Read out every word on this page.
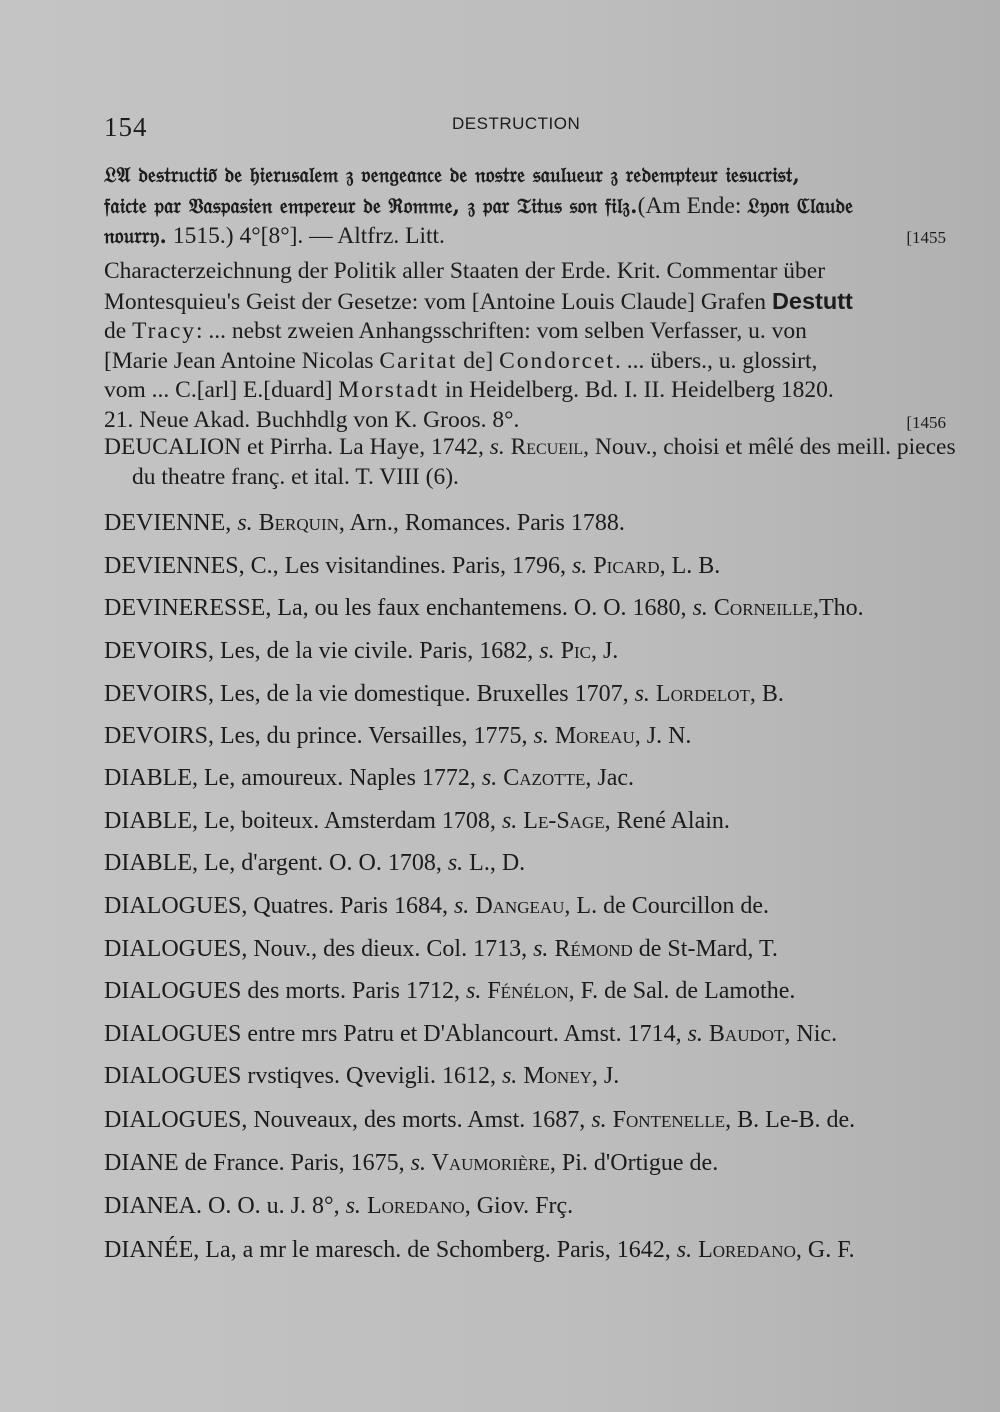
154	DESTRUCTION
𝔏𝔄 𝔡𝔢𝔰𝔱𝔯𝔲𝔠𝔱𝔦𝔬̃ 𝔡𝔢 𝔥𝔦𝔢𝔯𝔲𝔰𝔞𝔩𝔢𝔪 𝔷 𝔳𝔢𝔫𝔤𝔢𝔞𝔫𝔠𝔢 𝔡𝔢 𝔫𝔬𝔰𝔱𝔯𝔢 𝔰𝔞𝔲𝔩𝔲𝔢𝔲𝔯 𝔷 𝔯𝔢𝔡𝔢𝔪𝔭𝔱𝔢𝔲𝔯 𝔦𝔢𝔰𝔲𝔠𝔯𝔦𝔰𝔱,
𝔣𝔞𝔦𝔠𝔱𝔢 𝔭𝔞𝔯 𝔙𝔞𝔰𝔭𝔞𝔰𝔦𝔢𝔫 𝔢𝔪𝔭𝔢𝔯𝔢𝔲𝔯 𝔡𝔢 ℜ𝔬𝔪𝔪𝔢, 𝔷 𝔭𝔞𝔯 𝔗𝔦𝔱𝔲𝔰 𝔰𝔬𝔫 𝔣𝔦𝔩𝔷.(Am Ende: 𝔏𝔶𝔬𝔫 ℭ𝔩𝔞𝔲𝔡𝔢
𝔫𝔬𝔲𝔯𝔯𝔶. 1515.) 4°[8°]. — Altfrz. Litt.	[1455
Characterzeichnung der Politik aller Staaten der Erde. Krit. Commentar über
Montesquieu's Geist der Gesetze: vom [Antoine Louis Claude] Grafen Destutt
de Tracy: ... nebst zweien Anhangsschriften: vom selben Verfasser, u. von
[Marie Jean Antoine Nicolas Caritat de] Condorcet. ... übers., u. glossirt,
vom ... C.[arl] E.[duard] Morstadt in Heidelberg. Bd. I. II. Heidelberg 1820.
21. Neue Akad. Buchhdlg von K. Groos. 8°.	[1456
DEUCALION et Pirrha. La Haye, 1742, s. Recueil, Nouv., choisi et mêlé des meill. pieces du theatre franç. et ital. T. VIII (6).
DEVIENNE, s. Berquin, Arn., Romances. Paris 1788.
DEVIENNES, C., Les visitandines. Paris, 1796, s. Picard, L. B.
DEVINERESSE, La, ou les faux enchantemens. O. O. 1680, s. Corneille,Tho.
DEVOIRS, Les, de la vie civile. Paris, 1682, s. Pic, J.
DEVOIRS, Les, de la vie domestique. Bruxelles 1707, s. Lordelot, B.
DEVOIRS, Les, du prince. Versailles, 1775, s. Moreau, J. N.
DIABLE, Le, amoureux. Naples 1772, s. Cazotte, Jac.
DIABLE, Le, boiteux. Amsterdam 1708, s. Le-Sage, René Alain.
DIABLE, Le, d'argent. O. O. 1708, s. L., D.
DIALOGUES, Quatres. Paris 1684, s. Dangeau, L. de Courcillon de.
DIALOGUES, Nouv., des dieux. Col. 1713, s. Rémond de St-Mard, T.
DIALOGUES des morts. Paris 1712, s. Fénélon, F. de Sal. de Lamothe.
DIALOGUES entre mrs Patru et D'Ablancourt. Amst. 1714, s. Baudot, Nic.
DIALOGUES rvstiqves. Qvevigli. 1612, s. Money, J.
DIALOGUES, Nouveaux, des morts. Amst. 1687, s. Fontenelle, B. Le-B. de.
DIANE de France. Paris, 1675, s. Vaumorière, Pi. d'Ortigue de.
DIANEA. O. O. u. J. 8°, s. Loredano, Giov. Frç.
DIANÉE, La, a mr le maresch. de Schomberg. Paris, 1642, s. Loredano, G. F.
